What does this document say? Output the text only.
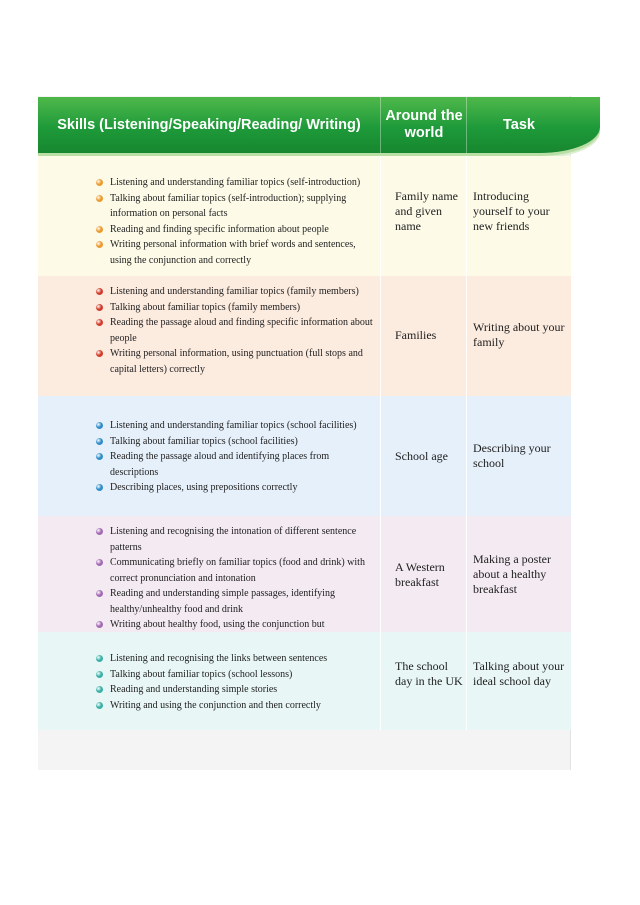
Skills (Listening/Speaking/Reading/ Writing)
Around the world
Task
Listening and understanding familiar topics (self-introduction)
Talking about familiar topics (self-introduction); supplying information on personal facts
Reading and finding specific information about people
Writing personal information with brief words and sentences, using the conjunction and correctly
Family name and given name
Introducing yourself to your new friends
Listening and understanding familiar topics (family members)
Talking about familiar topics (family members)
Reading the passage aloud and finding specific information about people
Writing personal information, using punctuation (full stops and capital letters) correctly
Families
Writing about your family
Listening and understanding familiar topics (school facilities)
Talking about familiar topics (school facilities)
Reading the passage aloud and identifying places from descriptions
Describing places, using prepositions correctly
School age
Describing your school
Listening and recognising the intonation of different sentence patterns
Communicating briefly on familiar topics (food and drink) with correct pronunciation and intonation
Reading and understanding simple passages, identifying healthy/unhealthy food and drink
Writing about healthy food, using the conjunction but
A Western breakfast
Making a poster about a healthy breakfast
Listening and recognising the links between sentences
Talking about familiar topics (school lessons)
Reading and understanding simple stories
Writing and using the conjunction and then correctly
The school day in the UK
Talking about your ideal school day
